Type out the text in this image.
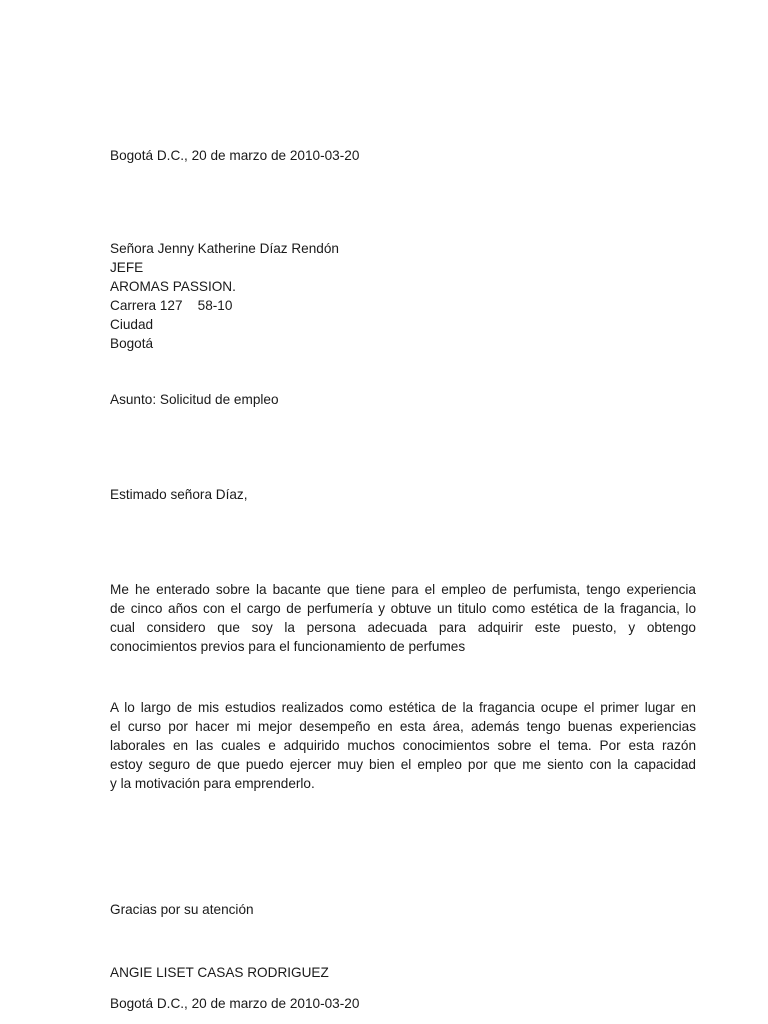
Bogotá D.C., 20 de marzo de 2010-03-20
Señora Jenny Katherine Díaz Rendón
JEFE
AROMAS PASSION.
Carrera 127    58-10
Ciudad
Bogotá
Asunto: Solicitud de empleo
Estimado señora Díaz,
Me he enterado sobre la bacante que tiene para el empleo de perfumista, tengo experiencia
de cinco años con el cargo de perfumería y obtuve un titulo como estética de la fragancia, lo
cual considero que soy la persona adecuada para adquirir este puesto, y obtengo
conocimientos previos para el funcionamiento de perfumes
A lo largo de mis estudios realizados como estética de la fragancia ocupe el primer lugar en
el curso por hacer mi mejor desempeño en esta área, además tengo buenas experiencias
laborales en las cuales e adquirido muchos conocimientos sobre el tema. Por esta razón
estoy seguro de que puedo ejercer muy bien el empleo por que me siento con la capacidad
y la motivación para emprenderlo.
Gracias por su atención
ANGIE LISET CASAS RODRIGUEZ
Bogotá D.C., 20 de marzo de 2010-03-20
